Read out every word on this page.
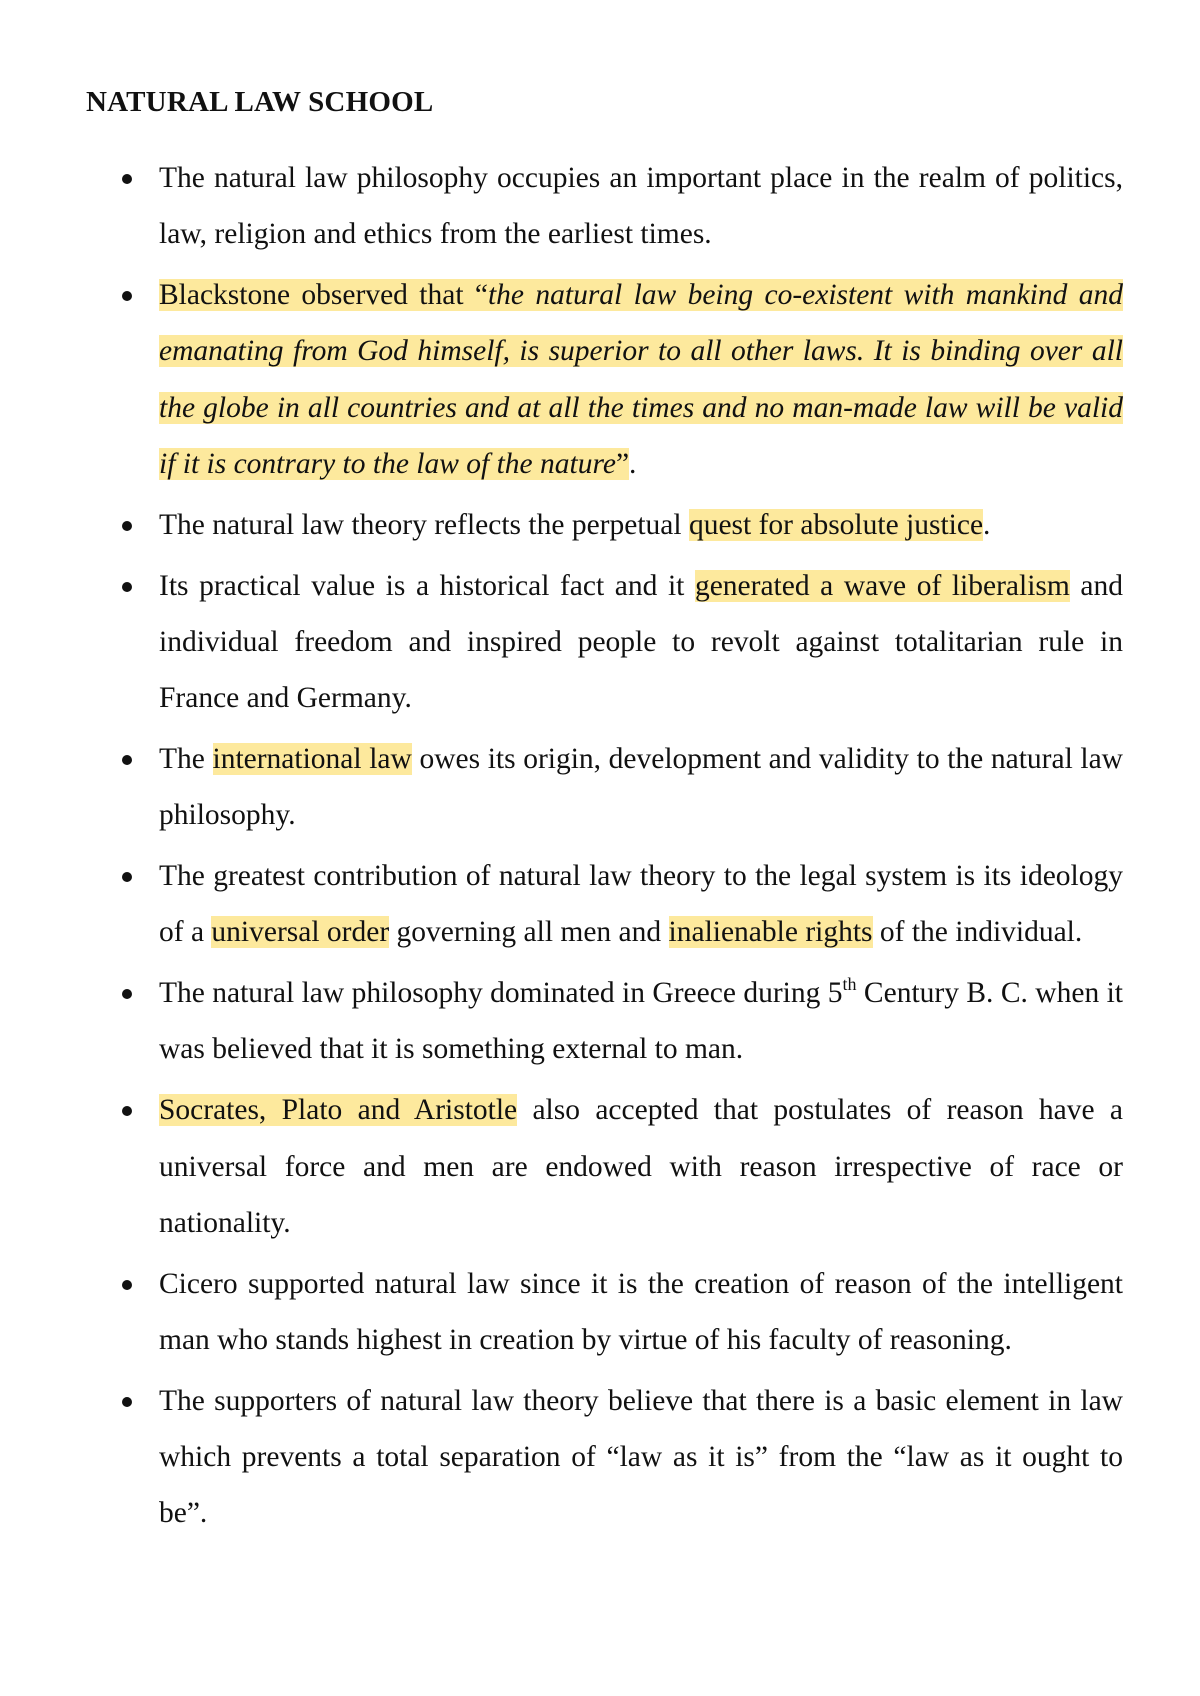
NATURAL LAW SCHOOL
The natural law philosophy occupies an important place in the realm of politics, law, religion and ethics from the earliest times.
Blackstone observed that “the natural law being co-existent with mankind and emanating from God himself, is superior to all other laws. It is binding over all the globe in all countries and at all the times and no man-made law will be valid if it is contrary to the law of the nature”.
The natural law theory reflects the perpetual quest for absolute justice.
Its practical value is a historical fact and it generated a wave of liberalism and individual freedom and inspired people to revolt against totalitarian rule in France and Germany.
The international law owes its origin, development and validity to the natural law philosophy.
The greatest contribution of natural law theory to the legal system is its ideology of a universal order governing all men and inalienable rights of the individual.
The natural law philosophy dominated in Greece during 5th Century B. C. when it was believed that it is something external to man.
Socrates, Plato and Aristotle also accepted that postulates of reason have a universal force and men are endowed with reason irrespective of race or nationality.
Cicero supported natural law since it is the creation of reason of the intelligent man who stands highest in creation by virtue of his faculty of reasoning.
The supporters of natural law theory believe that there is a basic element in law which prevents a total separation of “law as it is” from the “law as it ought to be”.
